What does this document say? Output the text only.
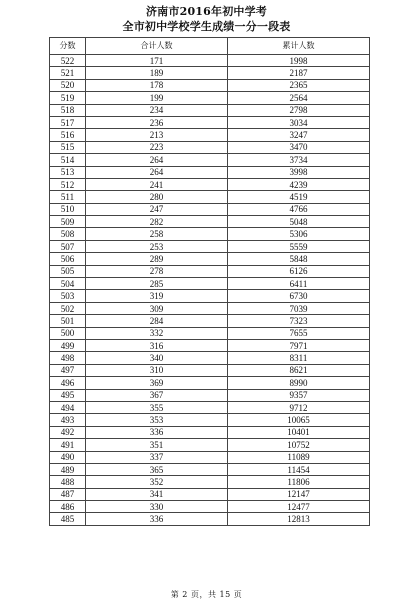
济南市2016年初中学考
全市初中学校学生成绩一分一段表
分数	合计人数	累计人数
522	171	1998
521	189	2187
520	178	2365
519	199	2564
518	234	2798
517	236	3034
516	213	3247
515	223	3470
514	264	3734
513	264	3998
512	241	4239
511	280	4519
510	247	4766
509	282	5048
508	258	5306
507	253	5559
506	289	5848
505	278	6126
504	285	6411
503	319	6730
502	309	7039
501	284	7323
500	332	7655
499	316	7971
498	340	8311
497	310	8621
496	369	8990
495	367	9357
494	355	9712
493	353	10065
492	336	10401
491	351	10752
490	337	11089
489	365	11454
488	352	11806
487	341	12147
486	330	12477
485	336	12813
第 2 页，共 15 页
